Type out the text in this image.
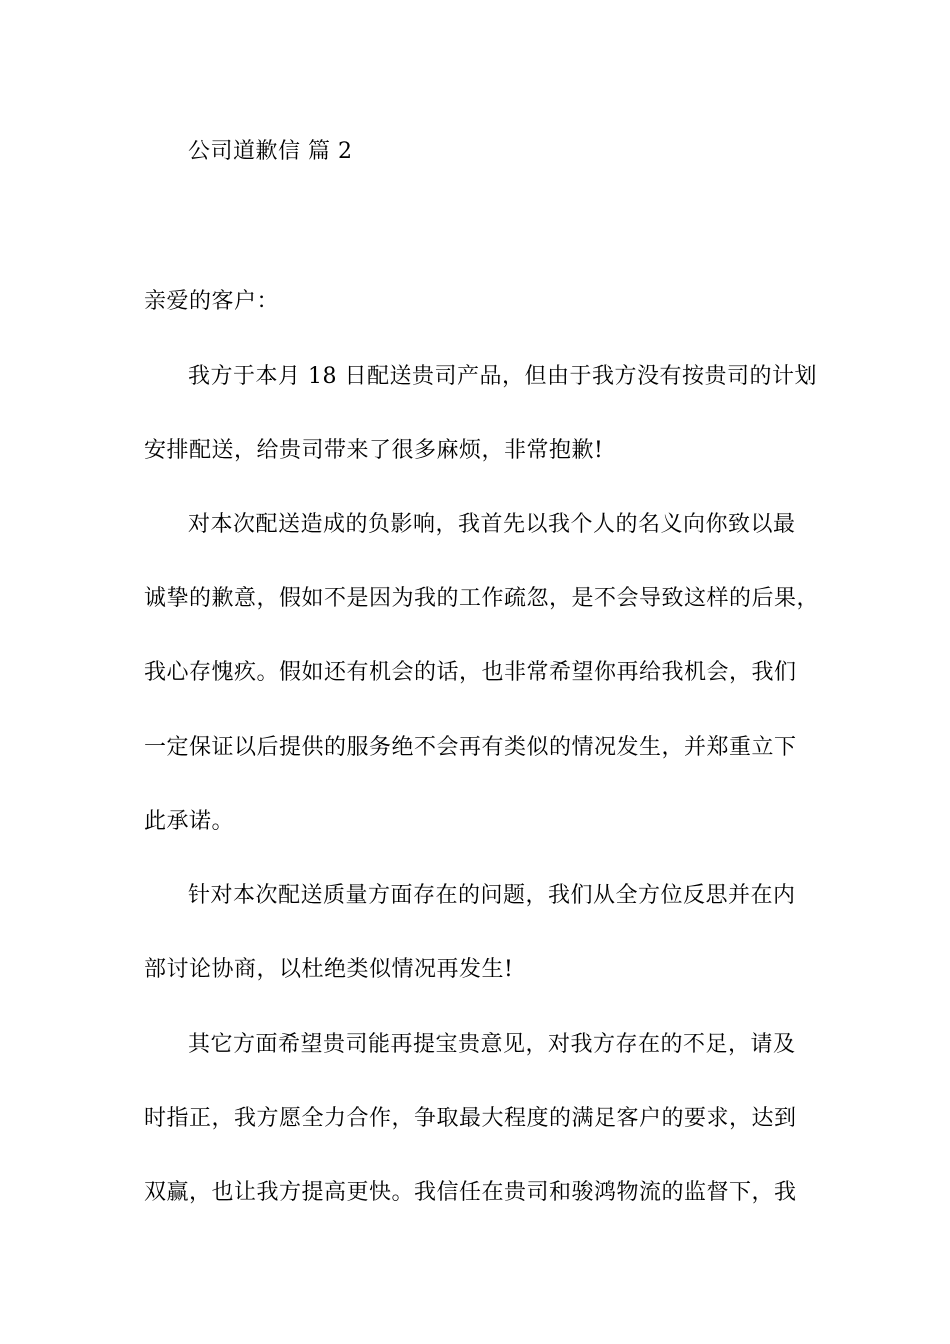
公司道歉信 篇 2
亲爱的客户：
我方于本月 18 日配送贵司产品，但由于我方没有按贵司的计划
安排配送，给贵司带来了很多麻烦，非常抱歉!
对本次配送造成的负影响，我首先以我个人的名义向你致以最
诚挚的歉意，假如不是因为我的工作疏忽，是不会导致这样的后果，
我心存愧疚。假如还有机会的话，也非常希望你再给我机会，我们
一定保证以后提供的服务绝不会再有类似的情况发生，并郑重立下
此承诺。
针对本次配送质量方面存在的问题，我们从全方位反思并在内
部讨论协商，以杜绝类似情况再发生!
其它方面希望贵司能再提宝贵意见，对我方存在的不足，请及
时指正，我方愿全力合作，争取最大程度的满足客户的要求，达到
双赢，也让我方提高更快。我信任在贵司和骏鸿物流的监督下，我
